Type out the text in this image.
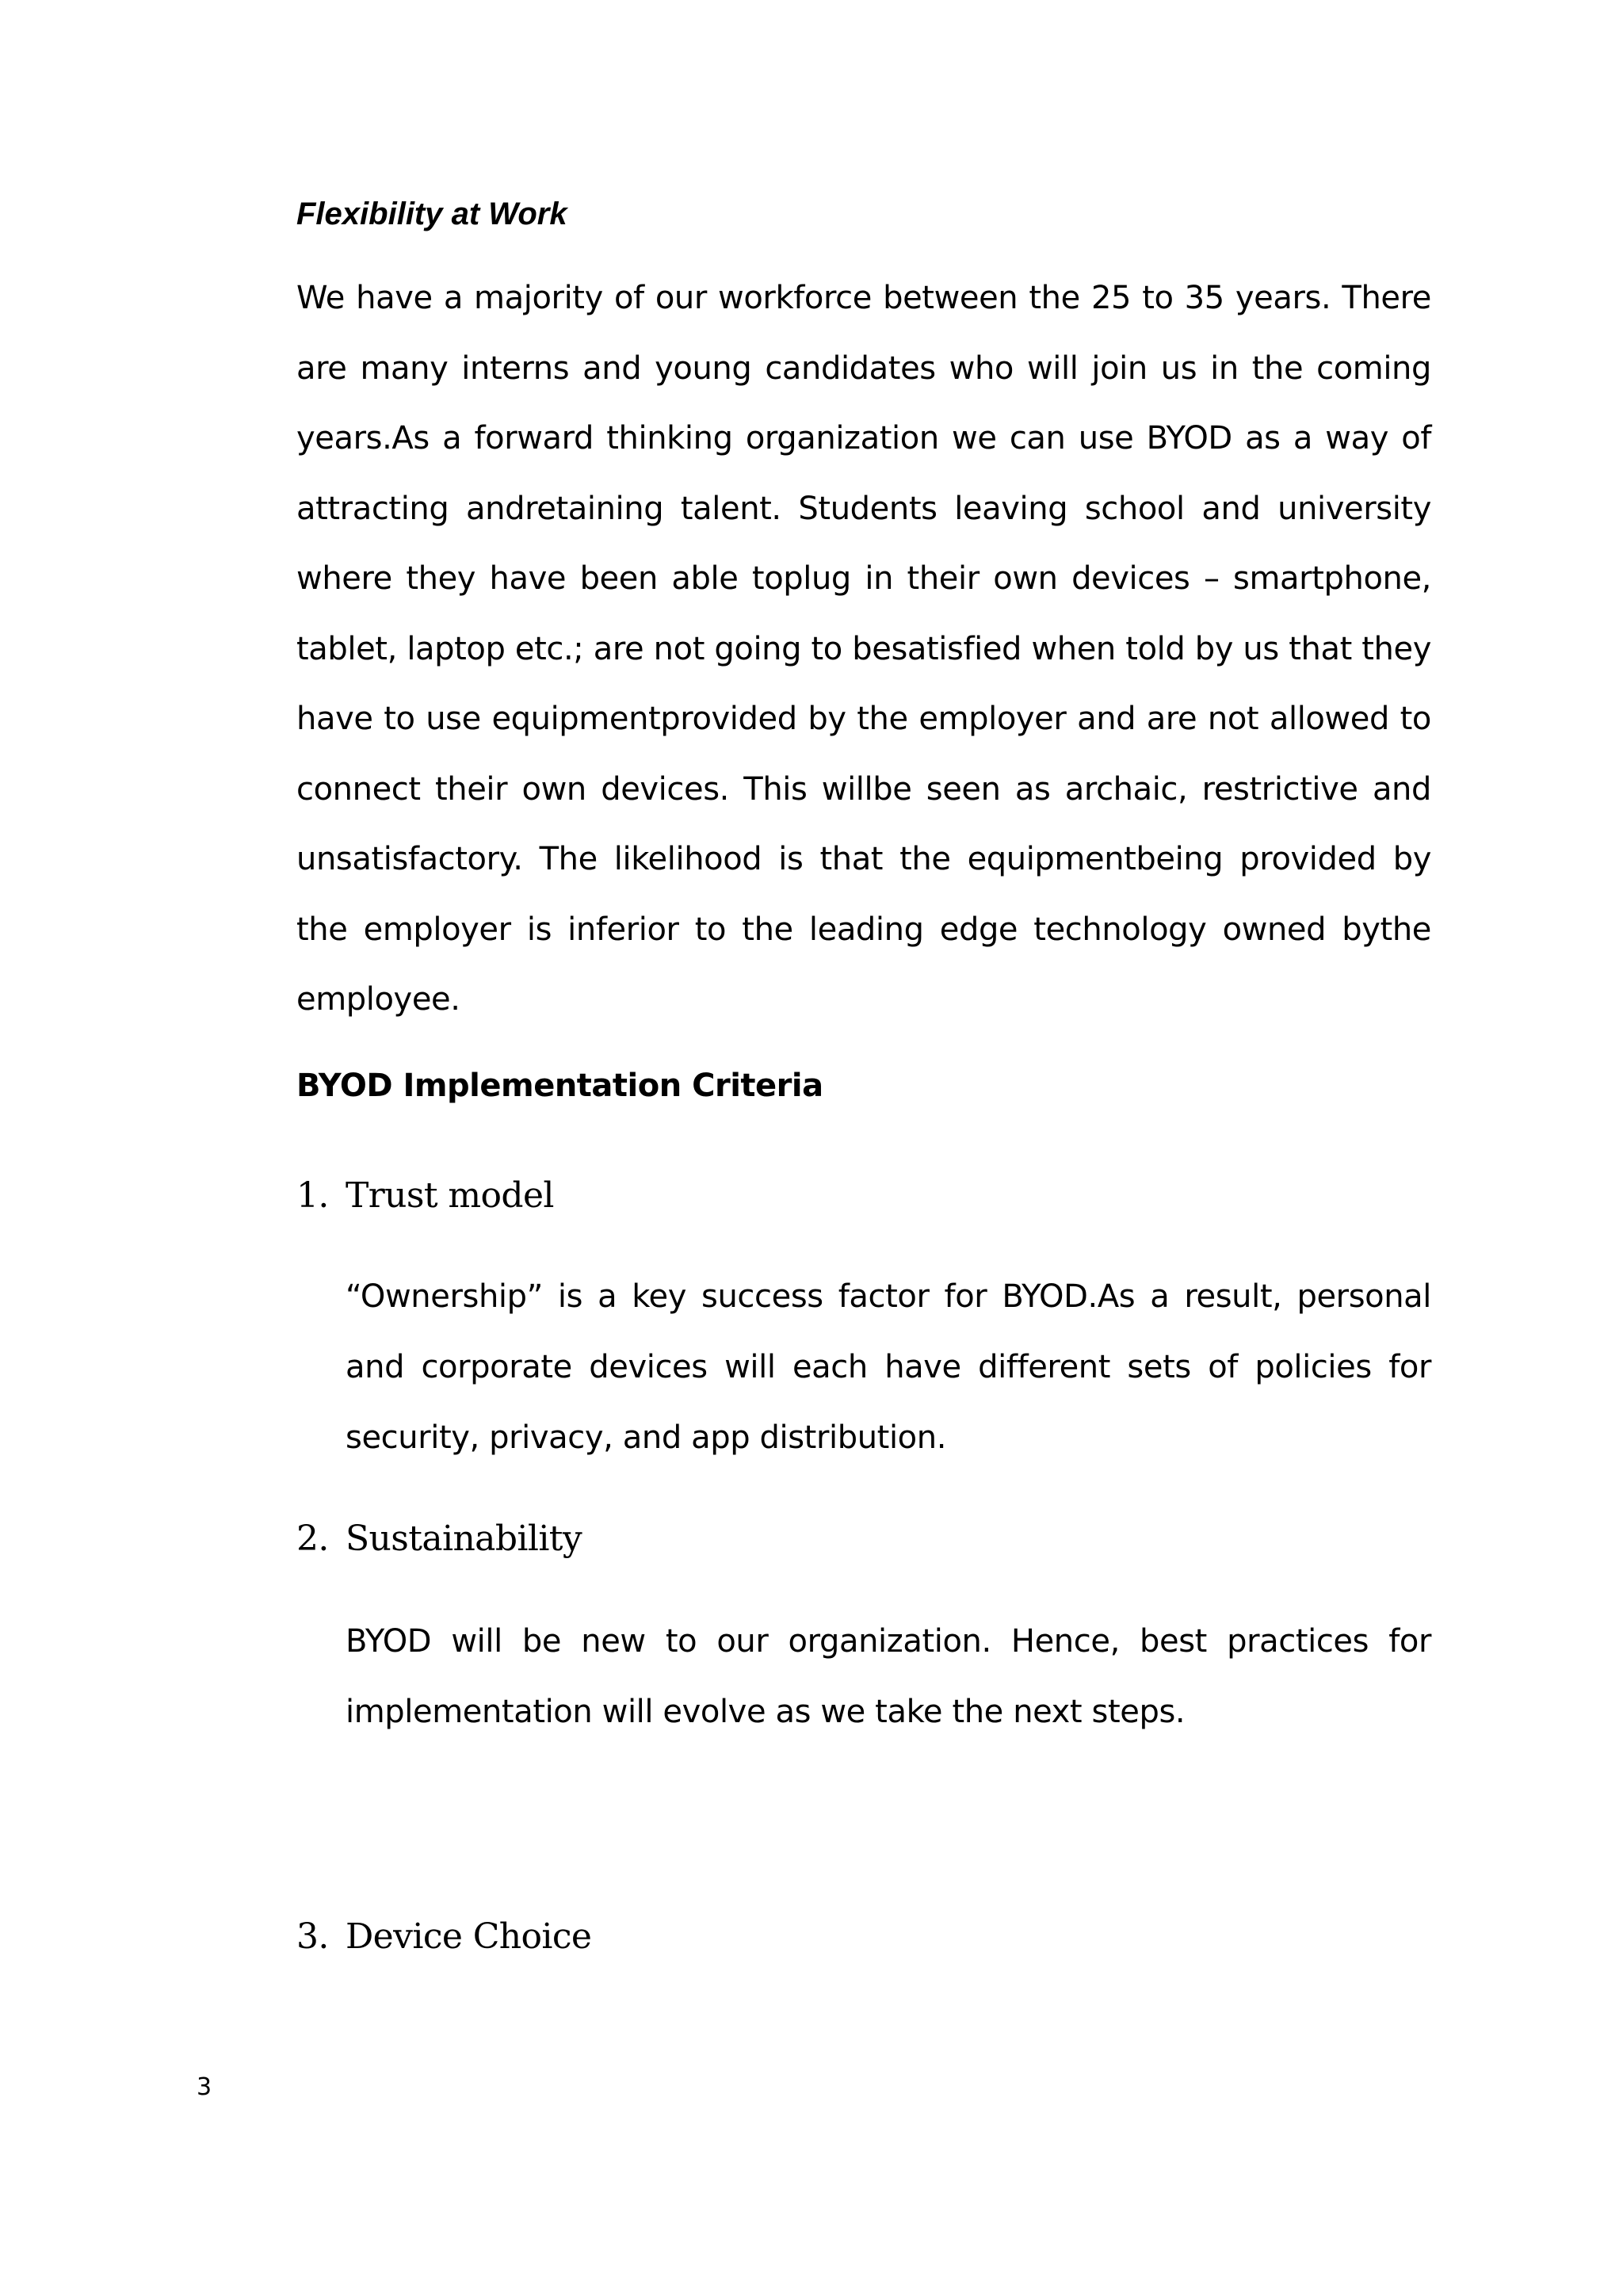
Flexibility at Work

We have a majority of our workforce between the 25 to 35 years. There are many interns and young candidates who will join us in the coming years.As a forward thinking organization we can use BYOD as a way of attracting andretaining talent. Students leaving school and university where they have been able toplug in their own devices – smartphone, tablet, laptop etc.; are not going to besatisfied when told by us that they have to use equipmentprovided by the employer and are not allowed to connect their own devices. This willbe seen as archaic, restrictive and unsatisfactory. The likelihood is that the equipmentbeing provided by the employer is inferior to the leading edge technology owned bythe employee.

BYOD Implementation Criteria
1. Trust model
“Ownership” is a key success factor for BYOD.As a result, personal and corporate devices will each have different sets of policies for security, privacy, and app distribution.
2. Sustainability
BYOD will be new to our organization. Hence, best practices for implementation will evolve as we take the next steps.
3. Device Choice
3
